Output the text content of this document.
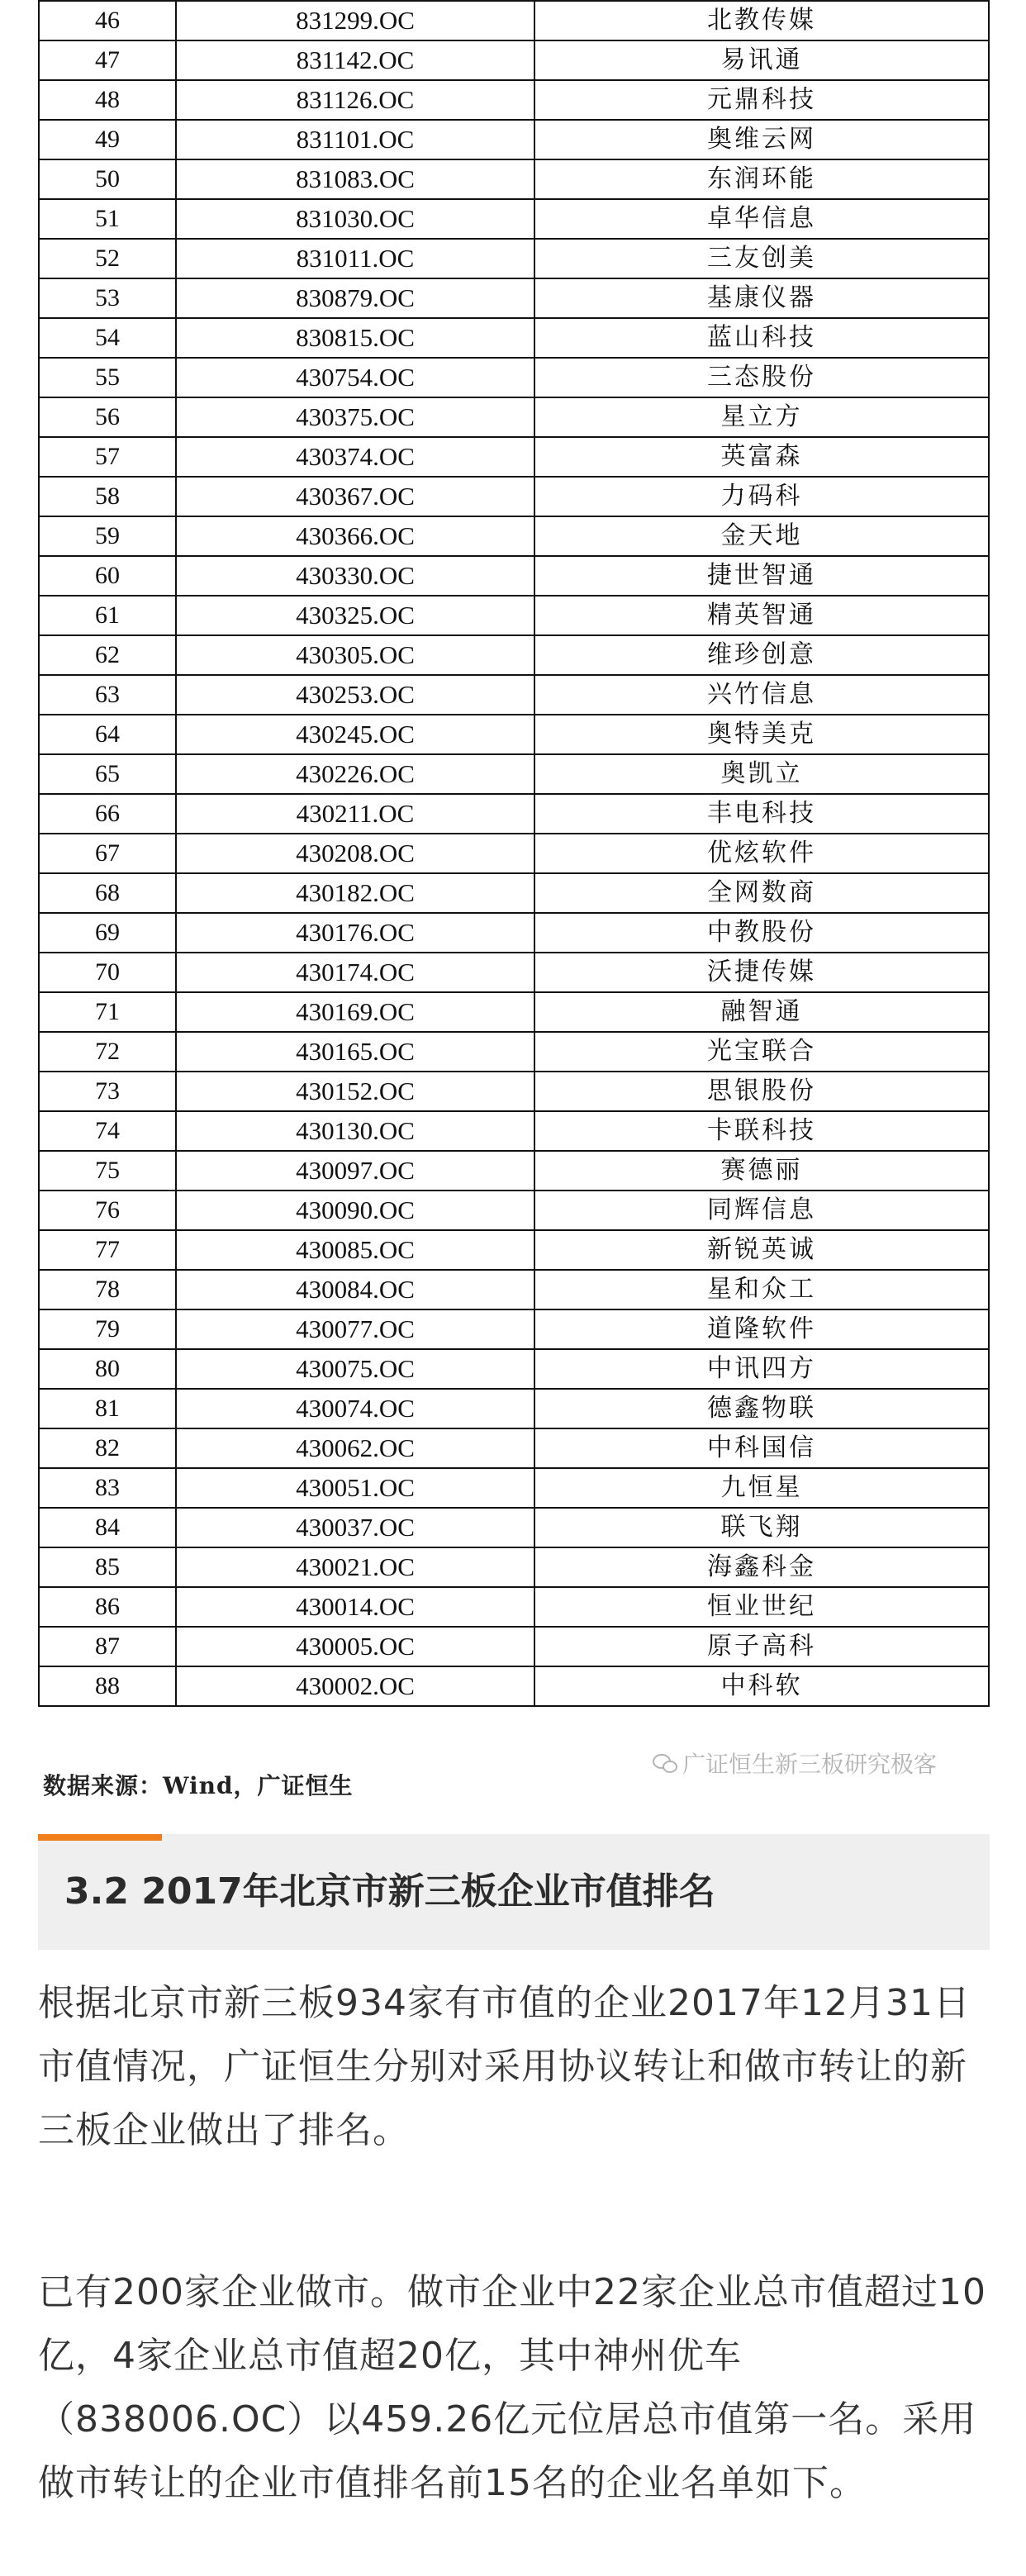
46	831299.OC	北教传媒
47	831142.OC	易讯通
48	831126.OC	元鼎科技
49	831101.OC	奥维云网
50	831083.OC	东润环能
51	831030.OC	卓华信息
52	831011.OC	三友创美
53	830879.OC	基康仪器
54	830815.OC	蓝山科技
55	430754.OC	三态股份
56	430375.OC	星立方
57	430374.OC	英富森
58	430367.OC	力码科
59	430366.OC	金天地
60	430330.OC	捷世智通
61	430325.OC	精英智通
62	430305.OC	维珍创意
63	430253.OC	兴竹信息
64	430245.OC	奥特美克
65	430226.OC	奥凯立
66	430211.OC	丰电科技
67	430208.OC	优炫软件
68	430182.OC	全网数商
69	430176.OC	中教股份
70	430174.OC	沃捷传媒
71	430169.OC	融智通
72	430165.OC	光宝联合
73	430152.OC	思银股份
74	430130.OC	卡联科技
75	430097.OC	赛德丽
76	430090.OC	同辉信息
77	430085.OC	新锐英诚
78	430084.OC	星和众工
79	430077.OC	道隆软件
80	430075.OC	中讯四方
81	430074.OC	德鑫物联
82	430062.OC	中科国信
83	430051.OC	九恒星
84	430037.OC	联飞翔
85	430021.OC	海鑫科金
86	430014.OC	恒业世纪
87	430005.OC	原子高科
88	430002.OC	中科软
数据来源：Wind，广证恒生
广证恒生新三板研究极客
3.2 2017年北京市新三板企业市值排名
根据北京市新三板934家有市值的企业2017年12月31日市值情况，广证恒生分别对采用协议转让和做市转让的新三板企业做出了排名。
已有200家企业做市。做市企业中22家企业总市值超过10亿，4家企业总市值超20亿，其中神州优车（838006.OC）以459.26亿元位居总市值第一名。采用做市转让的企业市值排名前15名的企业名单如下。
